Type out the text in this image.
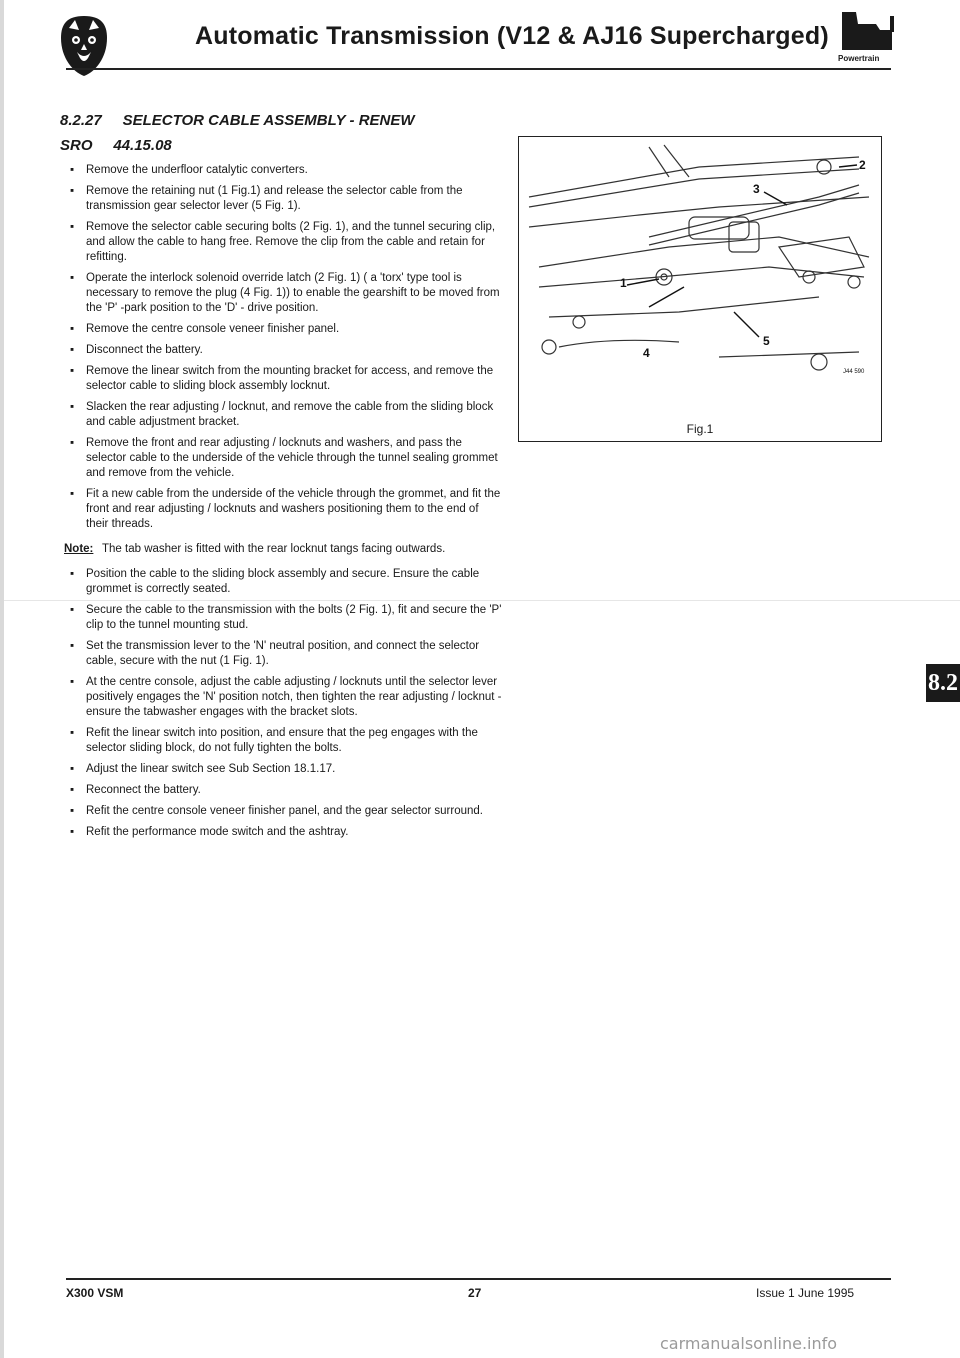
Automatic Transmission (V12 & AJ16 Supercharged)
Powertrain
8.2.27 SELECTOR CABLE ASSEMBLY - RENEW
SRO 44.15.08
▪ Remove the underfloor catalytic converters.
▪ Remove the retaining nut (1 Fig.1) and release the selector cable from the transmission gear selector lever (5 Fig. 1).
▪ Remove the selector cable securing bolts (2 Fig. 1), and the tunnel securing clip, and allow the cable to hang free. Remove the clip from the cable and retain for refitting.
▪ Operate the interlock solenoid override latch (2 Fig. 1) ( a 'torx' type tool is necessary to remove the plug (4 Fig. 1)) to enable the gearshift to be moved from the 'P' -park position to the 'D' - drive position.
▪ Remove the centre console veneer finisher panel.
▪ Disconnect the battery.
▪ Remove the linear switch from the mounting bracket for access, and remove the selector cable to sliding block assembly locknut.
▪ Slacken the rear adjusting / locknut, and remove the cable from the sliding block and cable adjustment bracket.
▪ Remove the front and rear adjusting / locknuts and washers, and pass the selector cable to the underside of the vehicle through the tunnel sealing grommet and remove from the vehicle.
▪ Fit a new cable from the underside of the vehicle through the grommet, and fit the front and rear adjusting / locknuts and washers positioning them to the end of their threads.
Note: The tab washer is fitted with the rear locknut tangs facing outwards.
▪ Position the cable to the sliding block assembly and secure. Ensure the cable grommet is correctly seated.
▪ Secure the cable to the transmission with the bolts (2 Fig. 1), fit and secure the 'P' clip to the tunnel mounting stud.
▪ Set the transmission lever to the 'N' neutral position, and connect the selector cable, secure with the nut (1 Fig. 1).
▪ At the centre console, adjust the cable adjusting / locknuts until the selector lever positively engages the 'N' position notch, then tighten the rear adjusting / locknut - ensure the tabwasher engages with the bracket slots.
▪ Refit the linear switch into position, and ensure that the peg engages with the selector sliding block, do not fully tighten the bolts.
▪ Adjust the linear switch see Sub Section 18.1.17.
▪ Reconnect the battery.
▪ Refit the centre console veneer finisher panel, and the gear selector surround.
▪ Refit the performance mode switch and the ashtray.
1
2
3
4
5
J44 590
Fig.1
8.2
X300 VSM	27	Issue 1 June 1995
carmanualsonline.info
